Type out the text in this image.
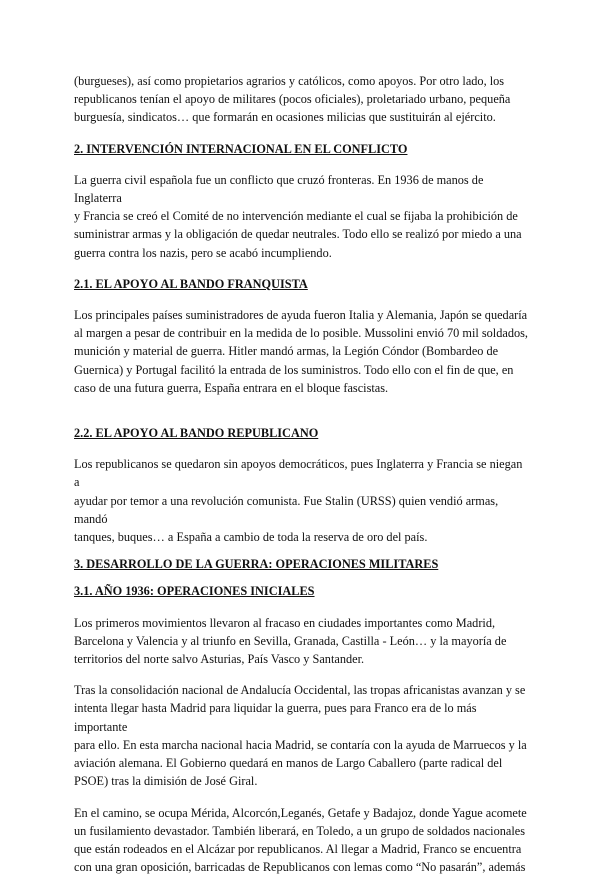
(burgueses), así como propietarios agrarios y católicos, como apoyos. Por otro lado, los
republicanos tenían el apoyo de militares (pocos oficiales), proletariado urbano, pequeña
burguesía, sindicatos… que formarán en ocasiones milicias que sustituirán al ejército.

2. INTERVENCIÓN INTERNACIONAL EN EL CONFLICTO

La guerra civil española fue un conflicto que cruzó fronteras. En 1936 de manos de Inglaterra
y Francia se creó el Comité de no intervención mediante el cual se fijaba la prohibición de
suministrar armas y la obligación de quedar neutrales. Todo ello se realizó por miedo a una
guerra contra los nazis, pero se acabó incumpliendo.

2.1. EL APOYO AL BANDO FRANQUISTA

Los principales países suministradores de ayuda fueron Italia y Alemania, Japón se quedaría
al margen a pesar de contribuir en la medida de lo posible. Mussolini envió 70 mil soldados,
munición y material de guerra. Hitler mandó armas, la Legión Cóndor (Bombardeo de
Guernica) y Portugal facilitó la entrada de los suministros. Todo ello con el fin de que, en
caso de una futura guerra, España entrara en el bloque fascistas.

2.2. EL APOYO AL BANDO REPUBLICANO

Los republicanos se quedaron sin apoyos democráticos, pues Inglaterra y Francia se niegan a
ayudar por temor a una revolución comunista. Fue Stalin (URSS) quien vendió armas, mandó
tanques, buques… a España a cambio de toda la reserva de oro del país.

3. DESARROLLO DE LA GUERRA: OPERACIONES MILITARES
3.1. AÑO 1936: OPERACIONES INICIALES

Los primeros movimientos llevaron al fracaso en ciudades importantes como Madrid,
Barcelona y Valencia y al triunfo en Sevilla, Granada, Castilla - León… y la mayoría de
territorios del norte salvo Asturias, País Vasco y Santander.

Tras la consolidación nacional de Andalucía Occidental, las tropas africanistas avanzan y se
intenta llegar hasta Madrid para liquidar la guerra, pues para Franco era de lo más importante
para ello. En esta marcha nacional hacia Madrid, se contaría con la ayuda de Marruecos y la
aviación alemana. El Gobierno quedará en manos de Largo Caballero (parte radical del
PSOE) tras la dimisión de José Giral.

En el camino, se ocupa Mérida, Alcorcón,Leganés, Getafe y Badajoz, donde Yague acomete
un fusilamiento devastador. También liberará, en Toledo, a un grupo de soldados nacionales
que están rodeados en el Alcázar por republicanos. Al llegar a Madrid, Franco se encuentra
con una gran oposición, barricadas de Republicanos con lemas como “No pasarán”, además
